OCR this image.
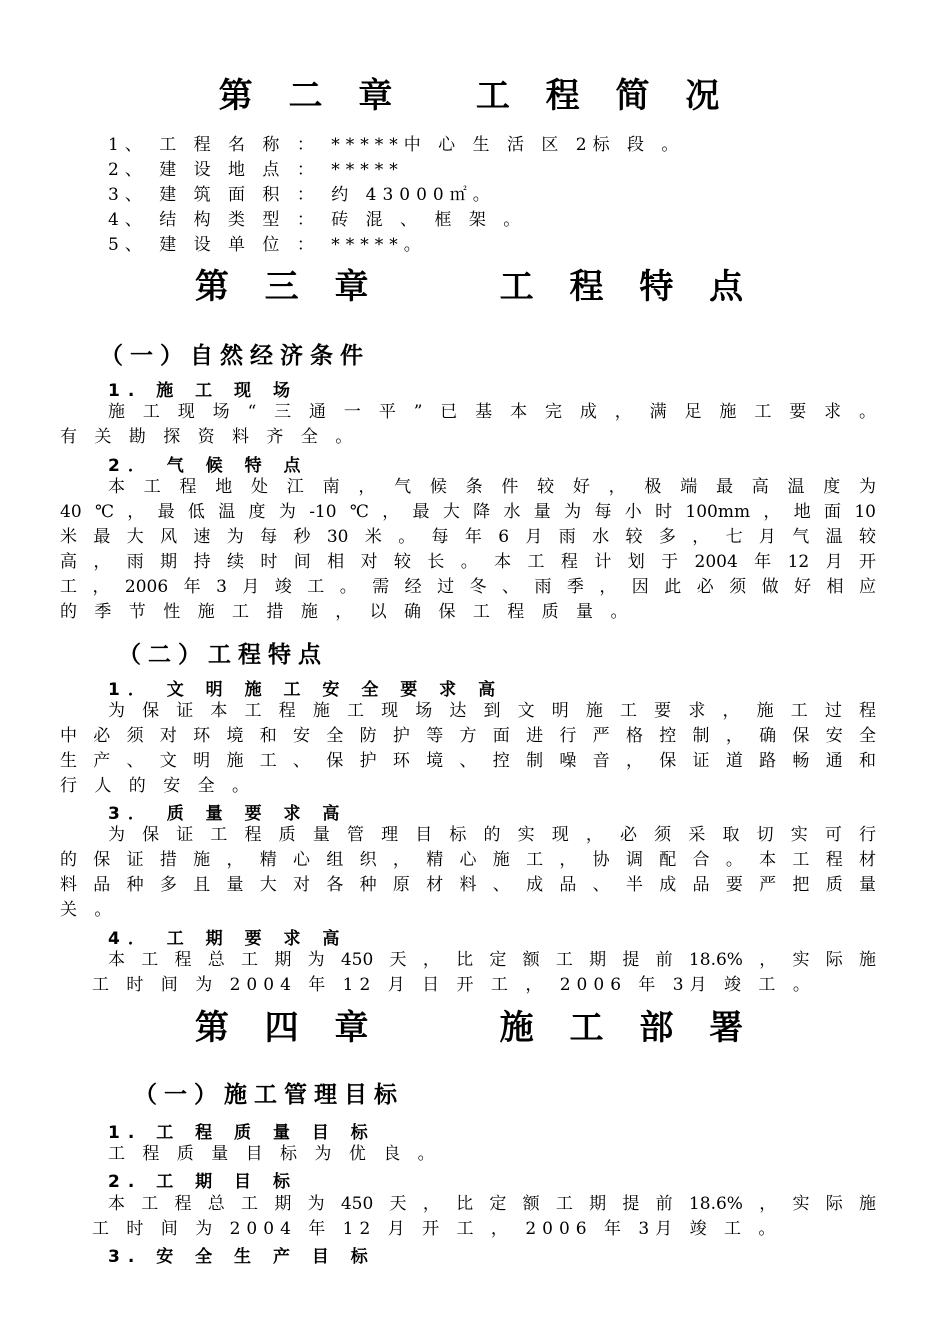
第 二 章   工 程 简 况
1、 工 程 名 称 ： *****中 心 生 活 区 2标 段 。
2、 建 设 地 点 ： *****
3、 建 筑 面 积 ： 约 43000㎡。
4、 结 构 类 型 ： 砖 混 、 框 架 。
5、 建 设 单 位 ： *****。
第 三 章     工 程 特 点
（一）自然经济条件
1. 施 工 现 场
施工现场“三通一平”已基本完成，满足施工要求。
有 关 勘 探 资 料 齐 全 。
2． 气 候 特 点
本工程地处江南，气候条件较好，极端最高温度为
40℃，最低温度为-10℃，最大降水量为每小时100mm，地面10
米最大风速为每秒30米。每年6月雨水较多，七月气温较
高，雨期持续时间相对较长。本工程计划于2004年12月开
工，2006年3月竣工。需经过冬、雨季，因此必须做好相应
的 季 节 性 施 工 措 施 ， 以 确 保 工 程 质 量 。
（二）工程特点
1． 文 明 施 工 安 全 要 求 高
为保证本工程施工现场达到文明施工要求，施工过程
中必须对环境和安全防护等方面进行严格控制，确保安全
生产、文明施工、保护环境、控制噪音，保证道路畅通和
行 人 的 安 全 。
3． 质 量 要 求 高
为保证工程质量管理目标的实现，必须采取切实可行
的保证措施，精心组织，精心施工，协调配合。本工程材
料品种多且量大对各种原材料、成品、半成品要严把质量
关 。
4． 工 期 要 求 高
本工程总工期为450天，比定额工期提前18.6%，实际施
工 时 间 为 2004 年 12 月 日 开 工 ， 2006 年 3月 竣 工 。
第 四 章     施 工 部 署
（一）施工管理目标
1. 工 程 质 量 目 标
工 程 质 量 目 标 为 优 良 。
2. 工 期 目 标
本工程总工期为450天，比定额工期提前18.6%，实际施
工 时 间 为 2004 年 12 月 开 工 ， 2006 年 3月 竣 工 。
3. 安 全 生 产 目 标
